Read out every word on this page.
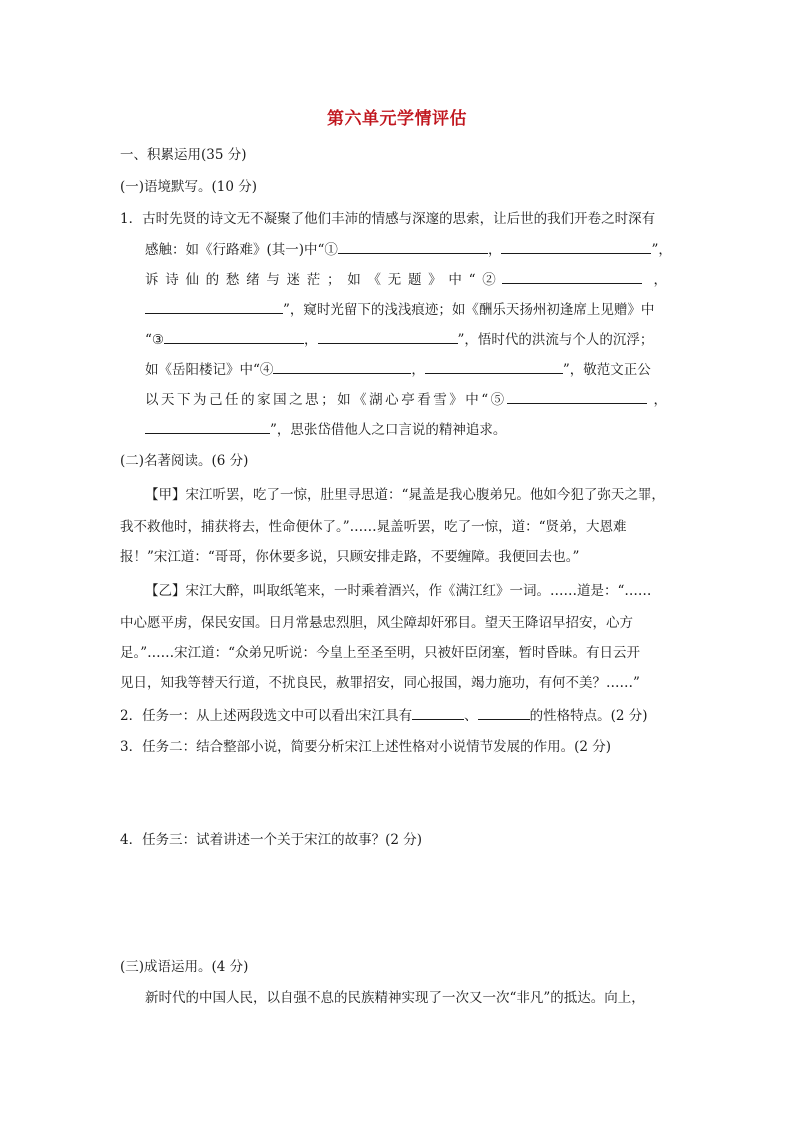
第六单元学情评估
一、积累运用(35 分)
(一)语境默写。(10 分)
1．古时先贤的诗文无不凝聚了他们丰沛的情感与深邃的思索，让后世的我们开卷之时深有
感触：如《行路难》(其一)中“①	，	”，
诉诗仙的愁绪与迷茫；如《无题》中“②	，
”，窥时光留下的浅浅痕迹；如《酬乐天扬州初逢席上见赠》中
“③	，	”，悟时代的洪流与个人的沉浮；
如《岳阳楼记》中“④	，	”，敬范文正公
以天下为己任的家国之思；如《湖心亭看雪》中“⑤	，
”，思张岱借他人之口言说的精神追求。
(二)名著阅读。(6 分)
【甲】宋江听罢，吃了一惊，肚里寻思道：“晁盖是我心腹弟兄。他如今犯了弥天之罪，
我不救他时，捕获将去，性命便休了。”……晁盖听罢，吃了一惊，道：“贤弟，大恩难
报！”宋江道：“哥哥，你休要多说，只顾安排走路，不要缠障。我便回去也。”
【乙】宋江大醉，叫取纸笔来，一时乘着酒兴，作《满江红》一词。……道是：“……
中心愿平虏，保民安国。日月常悬忠烈胆，风尘障却奸邪目。望天王降诏早招安，心方
足。”……宋江道：“众弟兄听说：今皇上至圣至明，只被奸臣闭塞，暂时昏昧。有日云开
见日，知我等替天行道，不扰良民，赦罪招安，同心报国，竭力施功，有何不美？……”
2．任务一：从上述两段选文中可以看出宋江具有	、	的性格特点。(2 分)
3．任务二：结合整部小说，简要分析宋江上述性格对小说情节发展的作用。(2 分)
4．任务三：试着讲述一个关于宋江的故事？(2 分)
(三)成语运用。(4 分)
新时代的中国人民，以自强不息的民族精神实现了一次又一次“非凡”的抵达。向上，
